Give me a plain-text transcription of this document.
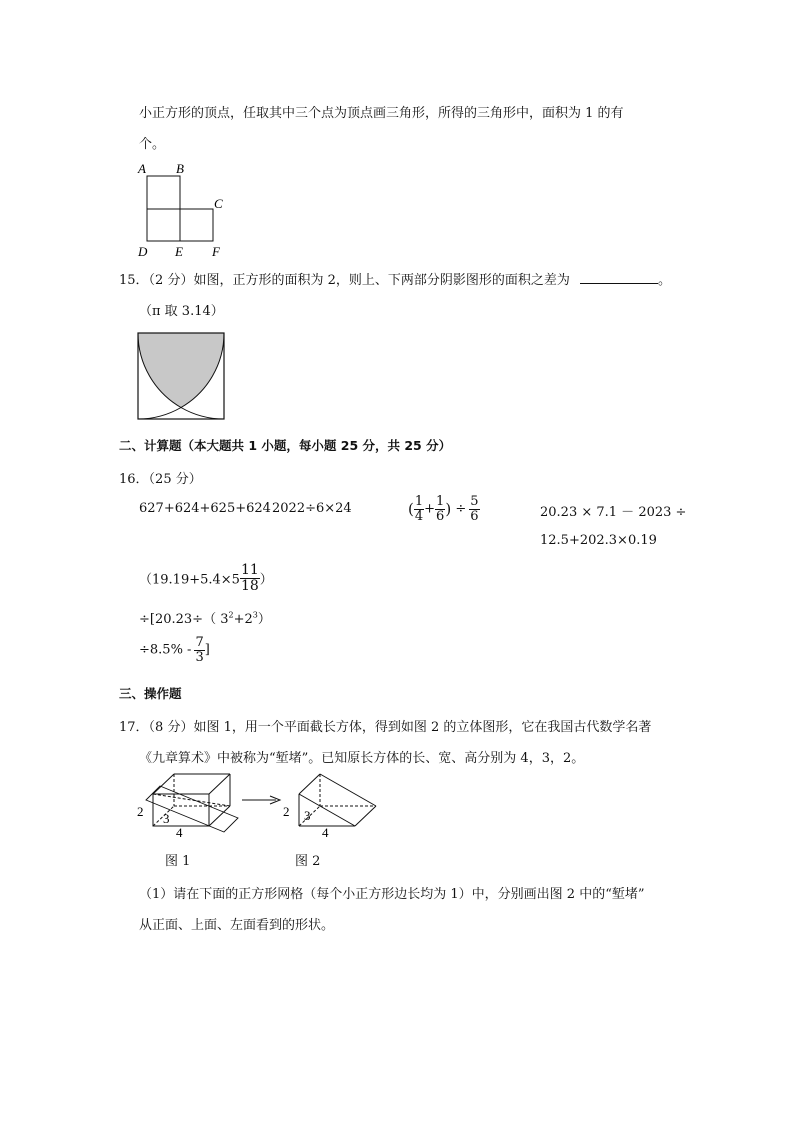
小正方形的顶点，任取其中三个点为顶点画三角形，所得的三角形中，面积为 1 的有
个。
A B
C
D E F
15．（2 分）如图，正方形的面积为 2，则上、下两部分阴影图形的面积之差为	。
（π 取 3.14）
二、计算题（本大题共 1 小题，每小题 25 分，共 25 分）
16．（25 分）
627+624+625+624 2022÷6×24	( $\frac{1}{4} + \frac{1}{6}$ ) ÷ $\frac{5}{6}$	20.23 × 7.1 － 2023 ÷
12.5+202.3×0.19
（$19.19+5.4\times 5 \frac{11}{18}$ ）
÷[20.23÷（ $3^2+2^3$）
$\div 8.5\% - \frac{7}{3}$ ]
三、操作题
17．（8 分）如图 1，用一个平面截长方体，得到如图 2 的立体图形，它在我国古代数学名著
《九章算术》中被称为“堑堵”。已知原长方体的长、宽、高分别为 4，3，2。
2 3
4
2 3
4
图 1	图 2
（1）请在下面的正方形网格（每个小正方形边长均为 1）中，分别画出图 2 中的“堑堵”
从正面、上面、左面看到的形状。
